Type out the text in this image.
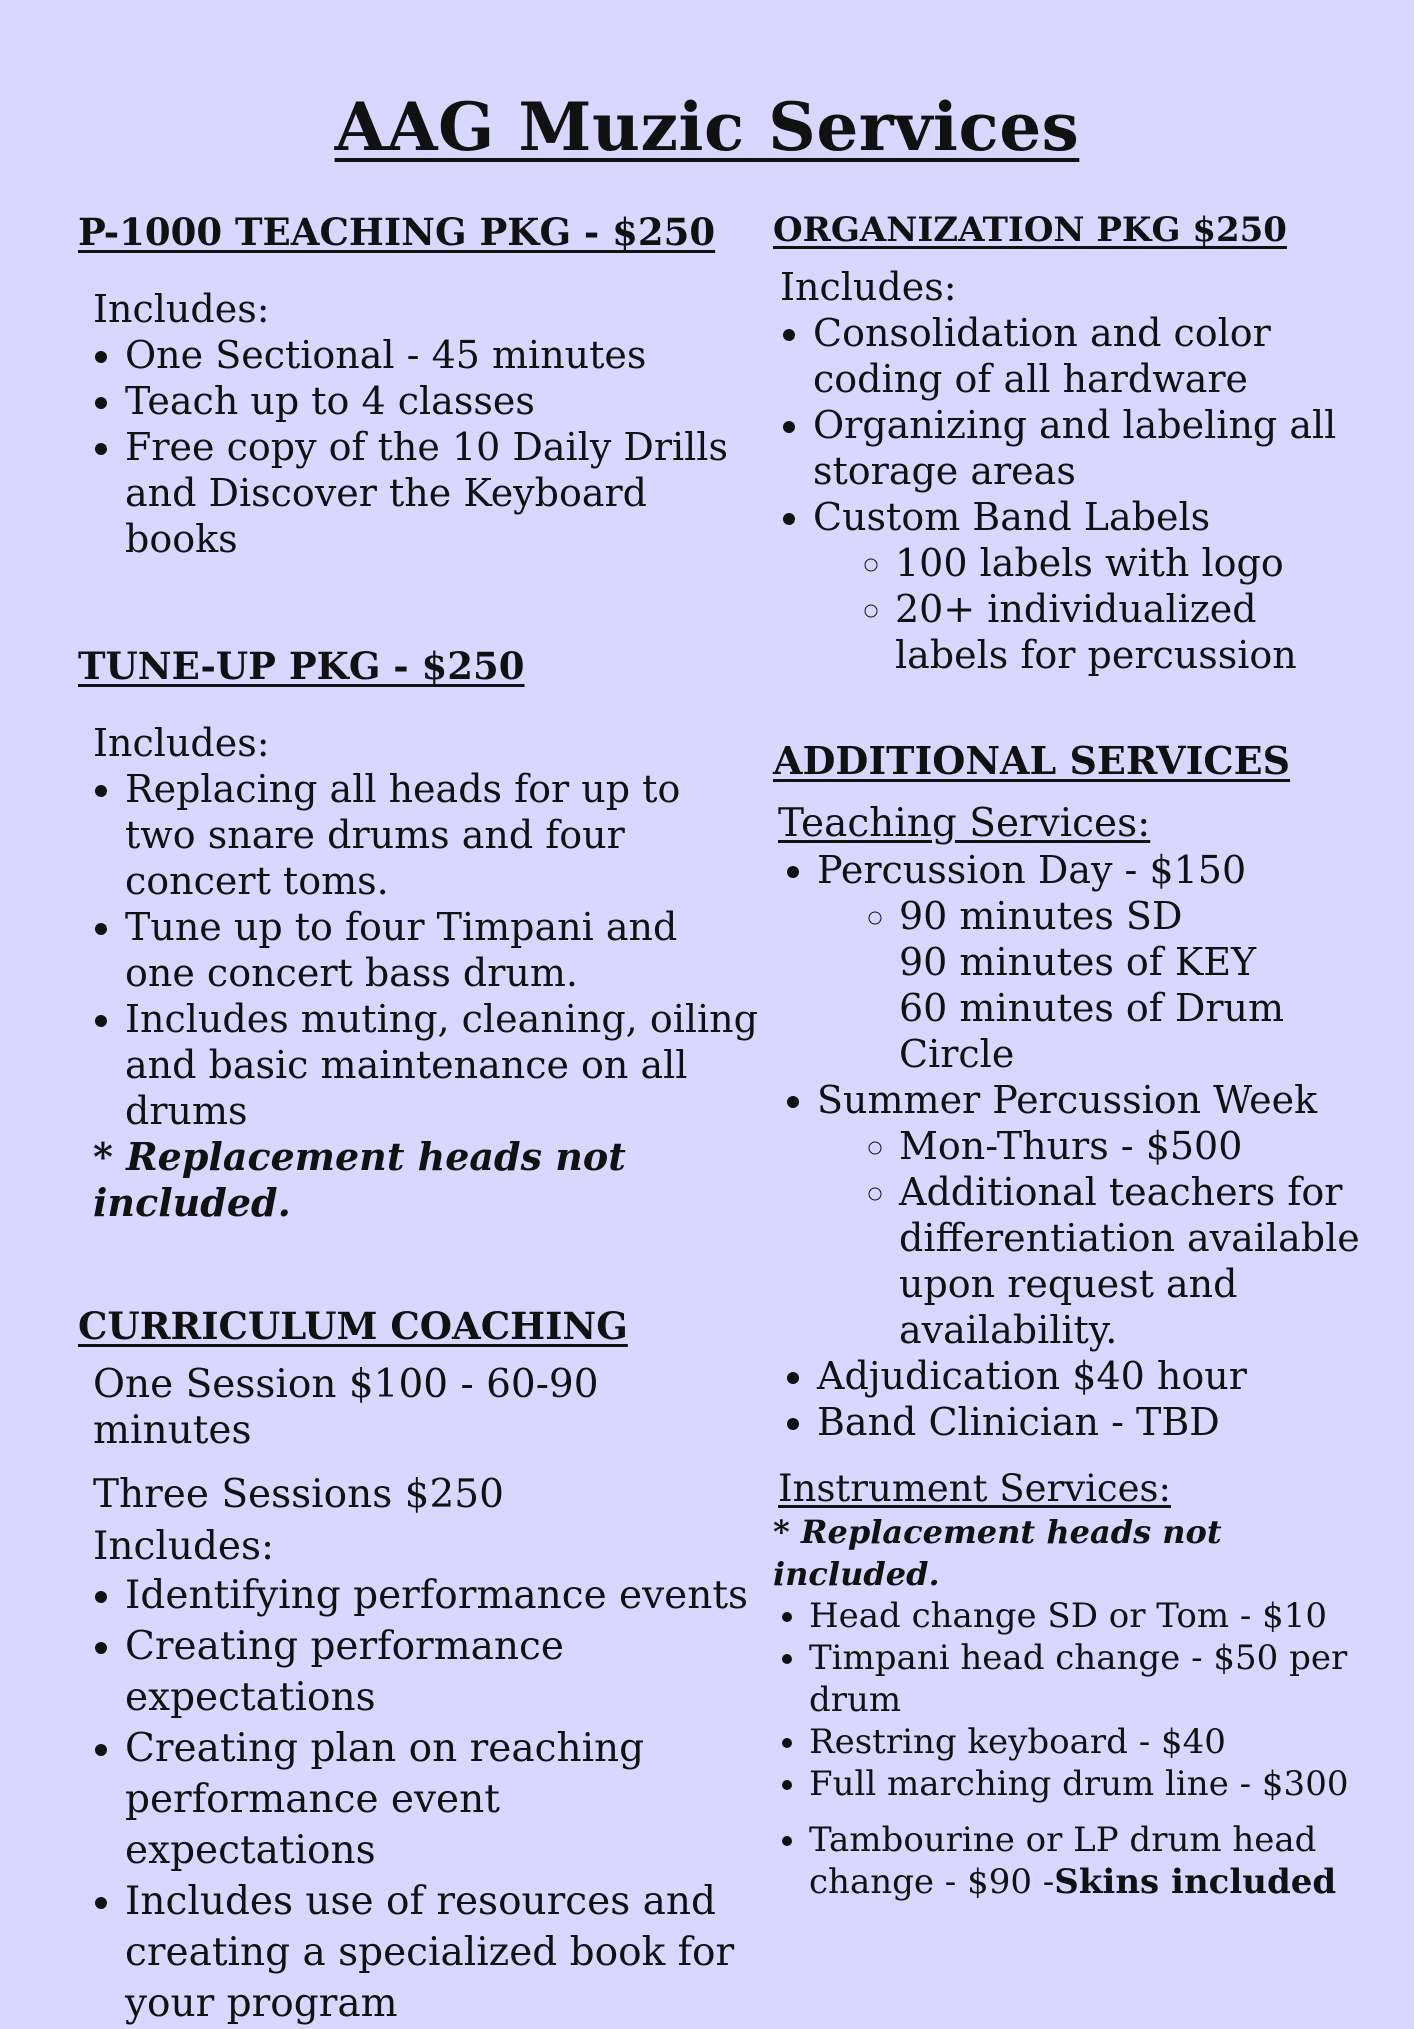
AAG Muzic Services
P-1000 TEACHING PKG - $250

Includes:

• One Sectional - 45 minutes
• Teach up to 4 classes
• Free copy of the 10 Daily Drills and Discover the Keyboard books
TUNE-UP PKG - $250

Includes:

• Replacing all heads for up to two snare drums and four concert toms.
• Tune up to four Timpani and one concert bass drum.
• Includes muting, cleaning, oiling and basic maintenance on all drums

* Replacement heads not included.

CURRICULUM COACHING

One Session $100 - 60-90 minutes

Three Sessions $250

Includes:

• Identifying performance events
• Creating performance expectations
• Creating plan on reaching performance event expectations
• Includes use of resources and creating a specialized book for your program
ORGANIZATION PKG $250

Includes:

• Consolidation and color coding of all hardware
• Organizing and labeling all storage areas
• Custom Band Labels
◦ 100 labels with logo
◦ 20+ individualized labels for percussion
ADDITIONAL SERVICES

Teaching Services:

• Percussion Day - $150
◦ 90 minutes SD
90 minutes of KEY
60 minutes of Drum Circle
• Summer Percussion Week
◦ Mon-Thurs - $500
◦ Additional teachers for differentiation available upon request and availability.
• Adjudication $40 hour
• Band Clinician - TBD

Instrument Services:

* Replacement heads not included.

• Head change SD or Tom - $10
• Timpani head change - $50 per drum
• Restring keyboard - $40
• Full marching drum line - $300
• Tambourine or LP drum head change - $90 -Skins included
